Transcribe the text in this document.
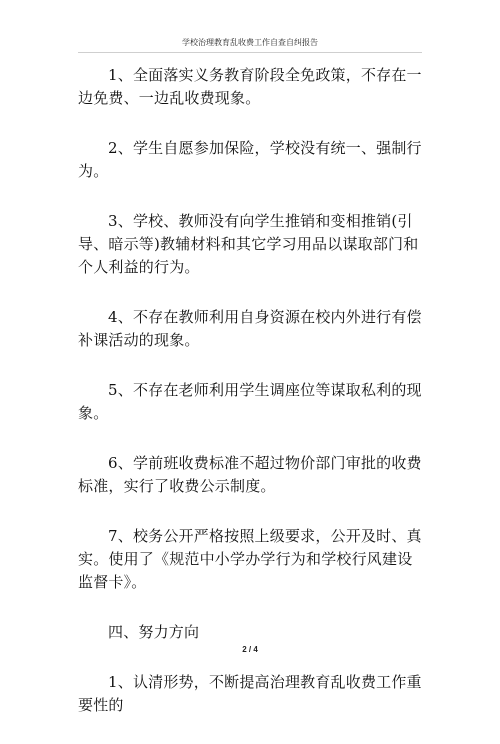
学校治理教育乱收费工作自查自纠报告

1、全面落实义务教育阶段全免政策，不存在一边免费、一边乱收费现象。

2、学生自愿参加保险，学校没有统一、强制行为。

3、学校、教师没有向学生推销和变相推销(引导、暗示等)教辅材料和其它学习用品以谋取部门和个人利益的行为。

4、不存在教师利用自身资源在校内外进行有偿补课活动的现象。

5、不存在老师利用学生调座位等谋取私利的现象。

6、学前班收费标准不超过物价部门审批的收费标准，实行了收费公示制度。

7、校务公开严格按照上级要求，公开及时、真实。使用了《规范中小学办学行为和学校行风建设监督卡》。

四、努力方向

1、认清形势，不断提高治理教育乱收费工作重要性的

2 / 4
